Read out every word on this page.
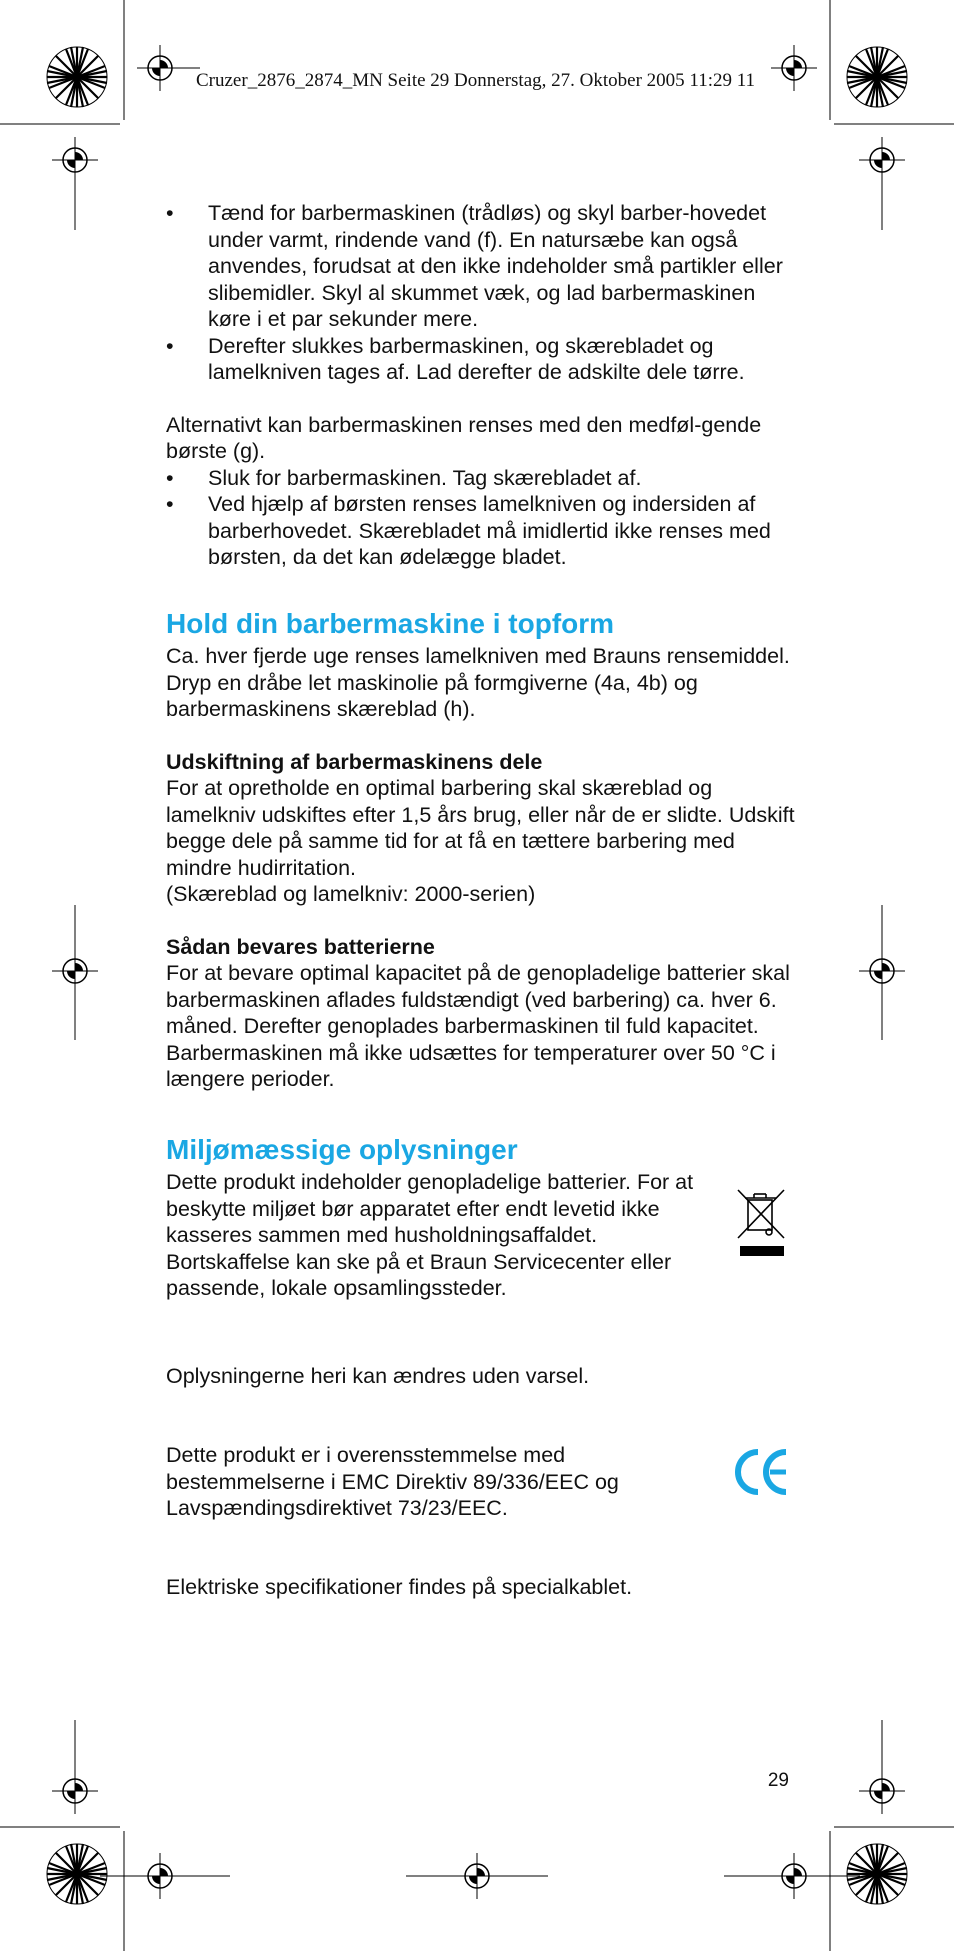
Cruzer_2876_2874_MN Seite 29 Donnerstag, 27. Oktober 2005 11:29 11
• Tænd for barbermaskinen (trådløs) og skyl barber-hovedet under varmt, rindende vand (f). En natursæbe kan også anvendes, forudsat at den ikke indeholder små partikler eller slibemidler. Skyl al skummet væk, og lad barbermaskinen køre i et par sekunder mere.
• Derefter slukkes barbermaskinen, og skærebladet og lamelkniven tages af. Lad derefter de adskilte dele tørre.

Alternativt kan barbermaskinen renses med den medføl-gende børste (g).

• Sluk for barbermaskinen. Tag skærebladet af.
• Ved hjælp af børsten renses lamelkniven og indersiden af barberhovedet. Skærebladet må imidlertid ikke renses med børsten, da det kan ødelægge bladet.
Hold din barbermaskine i topform

Ca. hver fjerde uge renses lamelkniven med Brauns rensemiddel. Dryp en dråbe let maskinolie på formgiverne (4a, 4b) og barbermaskinens skæreblad (h).

Udskiftning af barbermaskinens dele

For at opretholde en optimal barbering skal skæreblad og lamelkniv udskiftes efter 1,5 års brug, eller når de er slidte. Udskift begge dele på samme tid for at få en tættere barbering med mindre hudirritation.

(Skæreblad og lamelkniv: 2000-serien)

Sådan bevares batterierne

For at bevare optimal kapacitet på de genopladelige batterier skal barbermaskinen aflades fuldstændigt (ved barbering) ca. hver 6. måned. Derefter genoplades barbermaskinen til fuld kapacitet. Barbermaskinen må ikke udsættes for temperaturer over 50 °C i længere perioder.

Miljømæssige oplysninger

Dette produkt indeholder genopladelige batterier. For at beskytte miljøet bør apparatet efter endt levetid ikke kasseres sammen med husholdningsaffaldet. Bortskaffelse kan ske på et Braun Servicecenter eller passende, lokale opsamlingssteder.

Oplysningerne heri kan ændres uden varsel.
Dette produkt er i overensstemmelse med bestemmelserne i EMC Direktiv 89/336/EEC og Lavspændingsdirektivet 73/23/EEC.
Elektriske specifikationer findes på specialkablet.
29
